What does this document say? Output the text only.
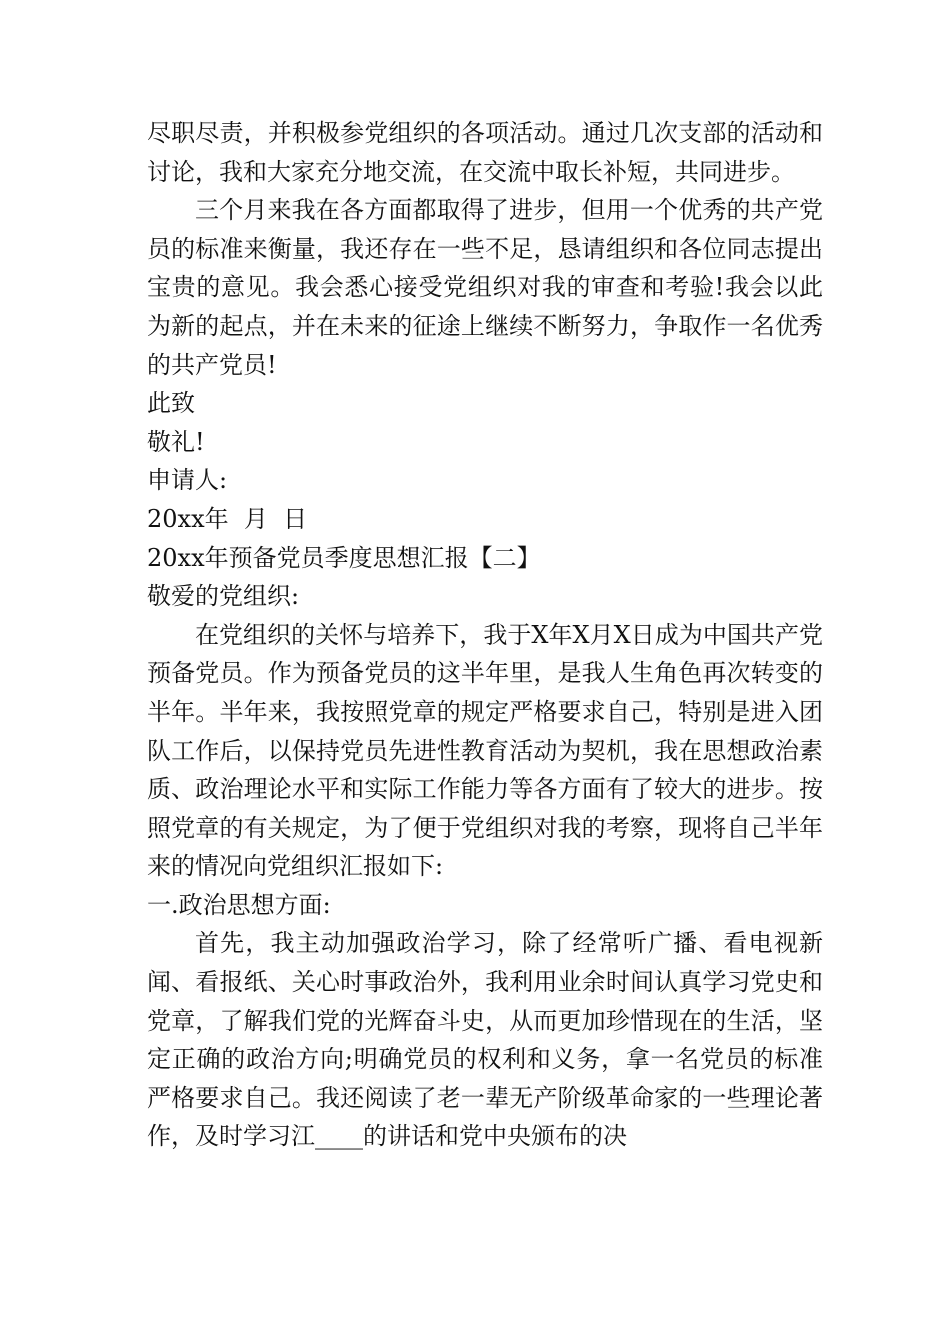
尽职尽责，并积极参党组织的各项活动。通过几次支部的活动和讨论，我和大家充分地交流，在交流中取长补短，共同进步。

三个月来我在各方面都取得了进步，但用一个优秀的共产党员的标准来衡量，我还存在一些不足，恳请组织和各位同志提出宝贵的意见。我会悉心接受党组织对我的审查和考验!我会以此为新的起点，并在未来的征途上继续不断努力，争取作一名优秀的共产党员!

此致

敬礼!

申请人:

20xx年  月  日

20xx年预备党员季度思想汇报【二】

敬爱的党组织:

在党组织的关怀与培养下，我于X年X月X日成为中国共产党预备党员。作为预备党员的这半年里，是我人生角色再次转变的半年。半年来，我按照党章的规定严格要求自己，特别是进入团队工作后，以保持党员先进性教育活动为契机，我在思想政治素质、政治理论水平和实际工作能力等各方面有了较大的进步。按照党章的有关规定，为了便于党组织对我的考察，现将自己半年来的情况向党组织汇报如下:

一.政治思想方面:

首先，我主动加强政治学习，除了经常听广播、看电视新闻、看报纸、关心时事政治外，我利用业余时间认真学习党史和党章，了解我们党的光辉奋斗史，从而更加珍惜现在的生活，坚定正确的政治方向;明确党员的权利和义务，拿一名党员的标准严格要求自己。我还阅读了老一辈无产阶级革命家的一些理论著作，及时学习江____的讲话和党中央颁布的决
